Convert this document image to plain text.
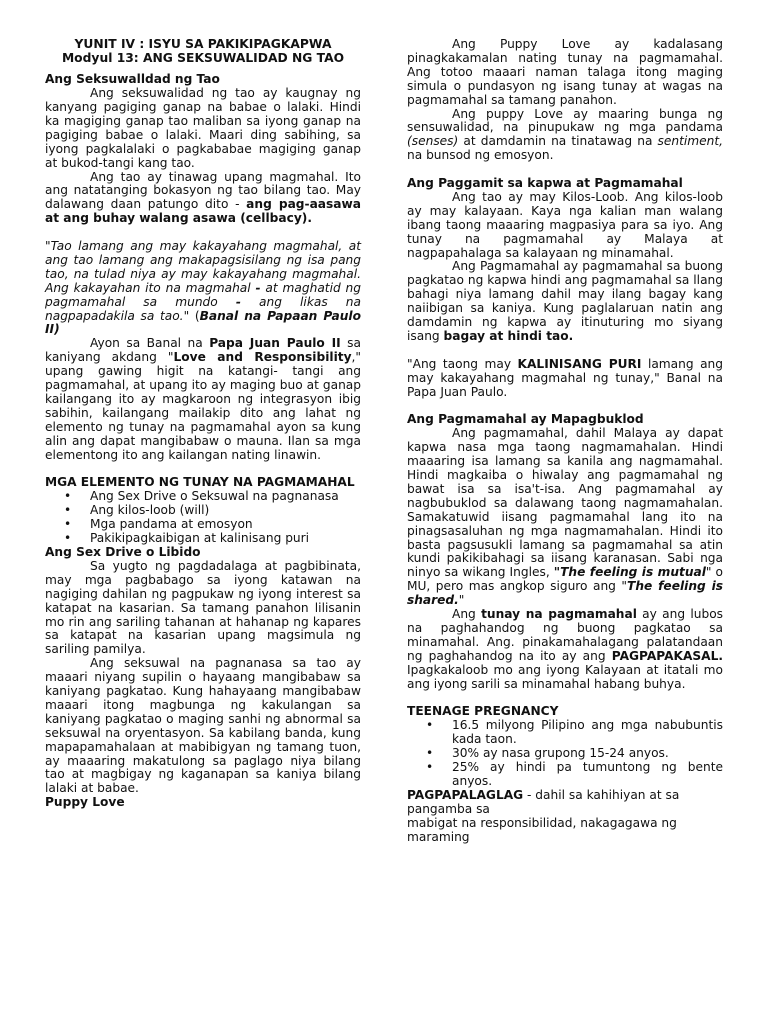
YUNIT IV : ISYU SA PAKIKIPAGKAPWA
Modyul 13: ANG SEKSUWALIDAD NG TAO

Ang Seksuwalldad ng Tao

Ang seksuwalidad ng tao ay kaugnay ng kanyang pagiging ganap na babae o lalaki. Hindi ka magiging ganap tao maliban sa iyong ganap na pagiging babae o lalaki. Maari ding sabihing, sa iyong pagkalalaki o pagkababae magiging ganap at bukod-tangi kang tao.

Ang tao ay tinawag upang magmahal. Ito ang natatanging bokasyon ng tao bilang tao. May dalawang daan patungo dito - ang pag-aasawa at ang buhay walang asawa (cellbacy).

"Tao lamang ang may kakayahang magmahal, at ang tao lamang ang makapagsisilang ng isa pang tao, na tulad niya ay may kakayahang magmahal. Ang kakayahan ito na magmahal - at maghatid ng pagmamahal sa mundo - ang likas na nagpapadakila sa tao." (Banal na Papaan Paulo II)

Ayon sa Banal na Papa Juan Paulo II sa kaniyang akdang "Love and Responsibility," upang gawing higit na katangi- tangi ang pagmamahal, at upang ito ay maging buo at ganap kailangang ito ay magkaroon ng integrasyon ibig sabihin, kailangang mailakip dito ang lahat ng elemento ng tunay na pagmamahal ayon sa kung alin ang dapat mangibabaw o mauna. Ilan sa mga elementong ito ang kailangan nating linawin.

MGA ELEMENTO NG TUNAY NA PAGMAMAHAL

• Ang Sex Drive o Seksuwal na pagnanasa
• Ang kilos-loob (will)
• Mga pandama at emosyon
• Pakikipagkaibigan at kalinisang puri

Ang Sex Drive o Libido

Sa yugto ng pagdadalaga at pagbibinata, may mga pagbabago sa iyong katawan na nagiging dahilan ng pagpukaw ng iyong interest sa katapat na kasarian. Sa tamang panahon lilisanin mo rin ang sariling tahanan at hahanap ng kapares sa katapat na kasarian upang magsimula ng sariling pamilya.

Ang seksuwal na pagnanasa sa tao ay maaari niyang supilin o hayaang mangibabaw sa kaniyang pagkatao. Kung hahayaang mangibabaw maaari itong magbunga ng kakulangan sa kaniyang pagkatao o maging sanhi ng abnormal sa seksuwal na oryentasyon. Sa kabilang banda, kung mapapamahalaan at mabibigyan ng tamang tuon, ay maaaring makatulong sa paglago niya bilang tao at magbigay ng kaganapan sa kaniya bilang lalaki at babae.

Puppy Love

Ang Puppy Love ay kadalasang pinagkakamalan nating tunay na pagmamahal. Ang totoo maaari naman talaga itong maging simula o pundasyon ng isang tunay at wagas na pagmamahal sa tamang panahon.

Ang puppy Love ay maaring bunga ng sensuwalidad, na pinupukaw ng mga pandama (senses) at damdamin na tinatawag na sentiment, na bunsod ng emosyon.

Ang Paggamit sa kapwa at Pagmamahal

Ang tao ay may Kilos-Loob. Ang kilos-loob ay may kalayaan. Kaya nga kalian man walang ibang taong maaaring magpasiya para sa iyo. Ang tunay na pagmamahal ay Malaya at nagpapahalaga sa kalayaan ng minamahal.

Ang Pagmamahal ay pagmamahal sa buong pagkatao ng kapwa hindi ang pagmamahal sa llang bahagi niya lamang dahil may ilang bagay kang naiibigan sa kaniya. Kung paglalaruan natin ang damdamin ng kapwa ay itinuturing mo siyang isang bagay at hindi tao.

"Ang taong may KALINISANG PURI lamang ang may kakayahang magmahal ng tunay," Banal na Papa Juan Paulo.

Ang Pagmamahal ay Mapagbuklod

Ang pagmamahal, dahil Malaya ay dapat kapwa nasa mga taong nagmamahalan. Hindi maaaring isa lamang sa kanila ang nagmamahal. Hindi magkaiba o hiwalay ang pagmamahal ng bawat isa sa isa't-isa. Ang pagmamahal ay nagbubuklod sa dalawang taong nagmamahalan. Samakatuwid iisang pagmamahal lang ito na pinagsasaluhan ng mga nagmamahalan. Hindi ito basta pagsusukli lamang sa pagmamahal sa atin kundi pakikibahagi sa iisang karanasan. Sabi nga ninyo sa wikang Ingles, "The feeling is mutual" o MU, pero mas angkop siguro ang "The feeling is shared."

Ang tunay na pagmamahal ay ang lubos na paghahandog ng buong pagkatao sa minamahal. Ang. pinakamahalagang palatandaan ng paghahandog na ito ay ang PAGPAPAKASAL. Ipagkakaloob mo ang iyong Kalayaan at itatali mo ang iyong sarili sa minamahal habang buhya.

TEENAGE PREGNANCY

• 16.5 milyong Pilipino ang mga nabubuntis kada taon.
• 30% ay nasa grupong 15-24 anyos.
• 25% ay hindi pa tumuntong ng bente anyos.

PAGPAPALAGLAG - dahil sa kahihiyan at sa pangamba sa

mabigat na responsibilidad, nakagagawa ng maraming
